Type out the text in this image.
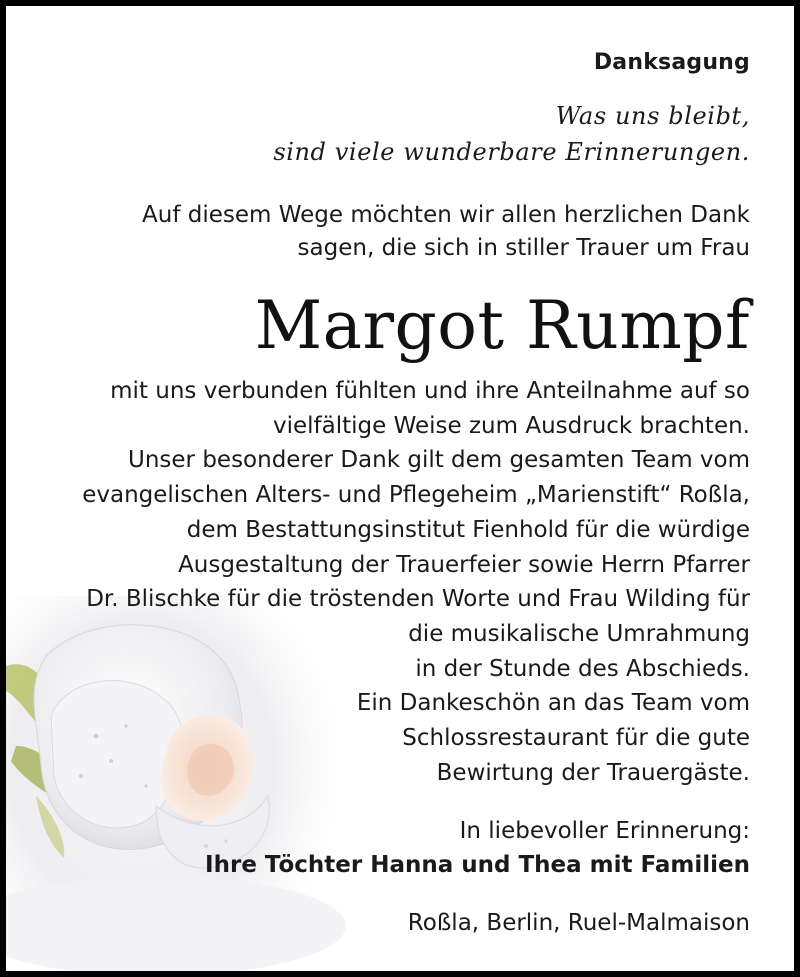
Danksagung
Was uns bleibt,
sind viele wunderbare Erinnerungen.
Auf diesem Wege möchten wir allen herzlichen Dank
sagen, die sich in stiller Trauer um Frau
Margot Rumpf
mit uns verbunden fühlten und ihre Anteilnahme auf so
vielfältige Weise zum Ausdruck brachten.
Unser besonderer Dank gilt dem gesamten Team vom
evangelischen Alters- und Pflegeheim „Marienstift“ Roßla,
dem Bestattungsinstitut Fienhold für die würdige
Ausgestaltung der Trauerfeier sowie Herrn Pfarrer
Dr. Blischke für die tröstenden Worte und Frau Wilding für
die musikalische Umrahmung
in der Stunde des Abschieds.
Ein Dankeschön an das Team vom
Schlossrestaurant für die gute
Bewirtung der Trauergäste.
In liebevoller Erinnerung:
Ihre Töchter Hanna und Thea mit Familien
Roßla, Berlin, Ruel-Malmaison
